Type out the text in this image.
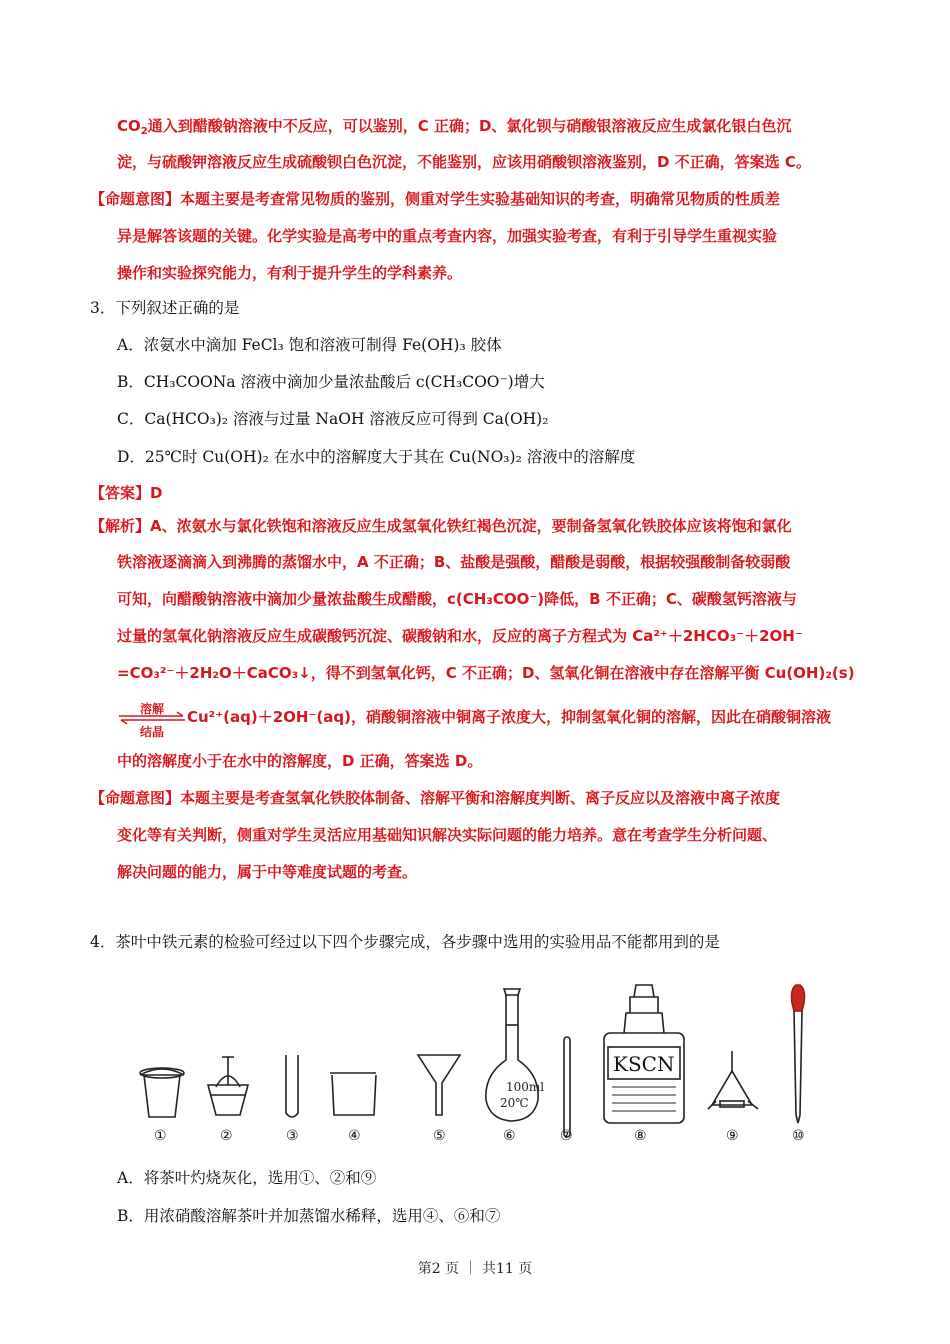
$CO_2$通入到醋酸钠溶液中不反应，可以鉴别，C 正确；D、氯化钡与硝酸银溶液反应生成氯化银白色沉
淀，与硫酸钾溶液反应生成硫酸钡白色沉淀，不能鉴别，应该用硝酸钡溶液鉴别，D 不正确，答案选 C。
【命题意图】本题主要是考查常见物质的鉴别，侧重对学生实验基础知识的考查，明确常见物质的性质差
异是解答该题的关键。化学实验是高考中的重点考查内容，加强实验考查，有利于引导学生重视实验
操作和实验探究能力，有利于提升学生的学科素养。
3．下列叙述正确的是
A．浓氨水中滴加 FeCl₃ 饱和溶液可制得 Fe(OH)₃ 胶体
B．CH₃COONa 溶液中滴加少量浓盐酸后 c(CH₃COO⁻)增大
C．Ca(HCO₃)₂ 溶液与过量 NaOH 溶液反应可得到 Ca(OH)₂
D．25℃时 Cu(OH)₂ 在水中的溶解度大于其在 Cu(NO₃)₂ 溶液中的溶解度
【答案】D
【解析】A、浓氨水与氯化铁饱和溶液反应生成氢氧化铁红褐色沉淀，要制备氢氧化铁胶体应该将饱和氯化
铁溶液逐滴滴入到沸腾的蒸馏水中，A 不正确；B、盐酸是强酸，醋酸是弱酸，根据较强酸制备较弱酸
可知，向醋酸钠溶液中滴加少量浓盐酸生成醋酸，c(CH₃COO⁻)降低，B 不正确；C、碳酸氢钙溶液与
过量的氢氧化钠溶液反应生成碳酸钙沉淀、碳酸钠和水，反应的离子方程式为 Ca²⁺＋2HCO₃⁻＋2OH⁻
=CO₃²⁻＋2H₂O＋CaCO₃↓，得不到氢氧化钙，C 不正确；D、氢氧化铜在溶液中存在溶解平衡 Cu(OH)₂(s)
溶解
结晶
Cu²⁺(aq)＋2OH⁻(aq)，硝酸铜溶液中铜离子浓度大，抑制氢氧化铜的溶解，因此在硝酸铜溶液
中的溶解度小于在水中的溶解度，D 正确，答案选 D。
【命题意图】本题主要是考查氢氧化铁胶体制备、溶解平衡和溶解度判断、离子反应以及溶液中离子浓度
变化等有关判断，侧重对学生灵活应用基础知识解决实际问题的能力培养。意在考查学生分析问题、
解决问题的能力，属于中等难度试题的考查。
4．茶叶中铁元素的检验可经过以下四个步骤完成，各步骤中选用的实验用品不能都用到的是
100ml
20℃
KSCN
①	②	③	④	⑤	⑥	⑦	⑧	⑨	⑩
A．将茶叶灼烧灰化，选用①、②和⑨
B．用浓硝酸溶解茶叶并加蒸馏水稀释，选用④、⑥和⑦
第2 页 ｜ 共11 页
